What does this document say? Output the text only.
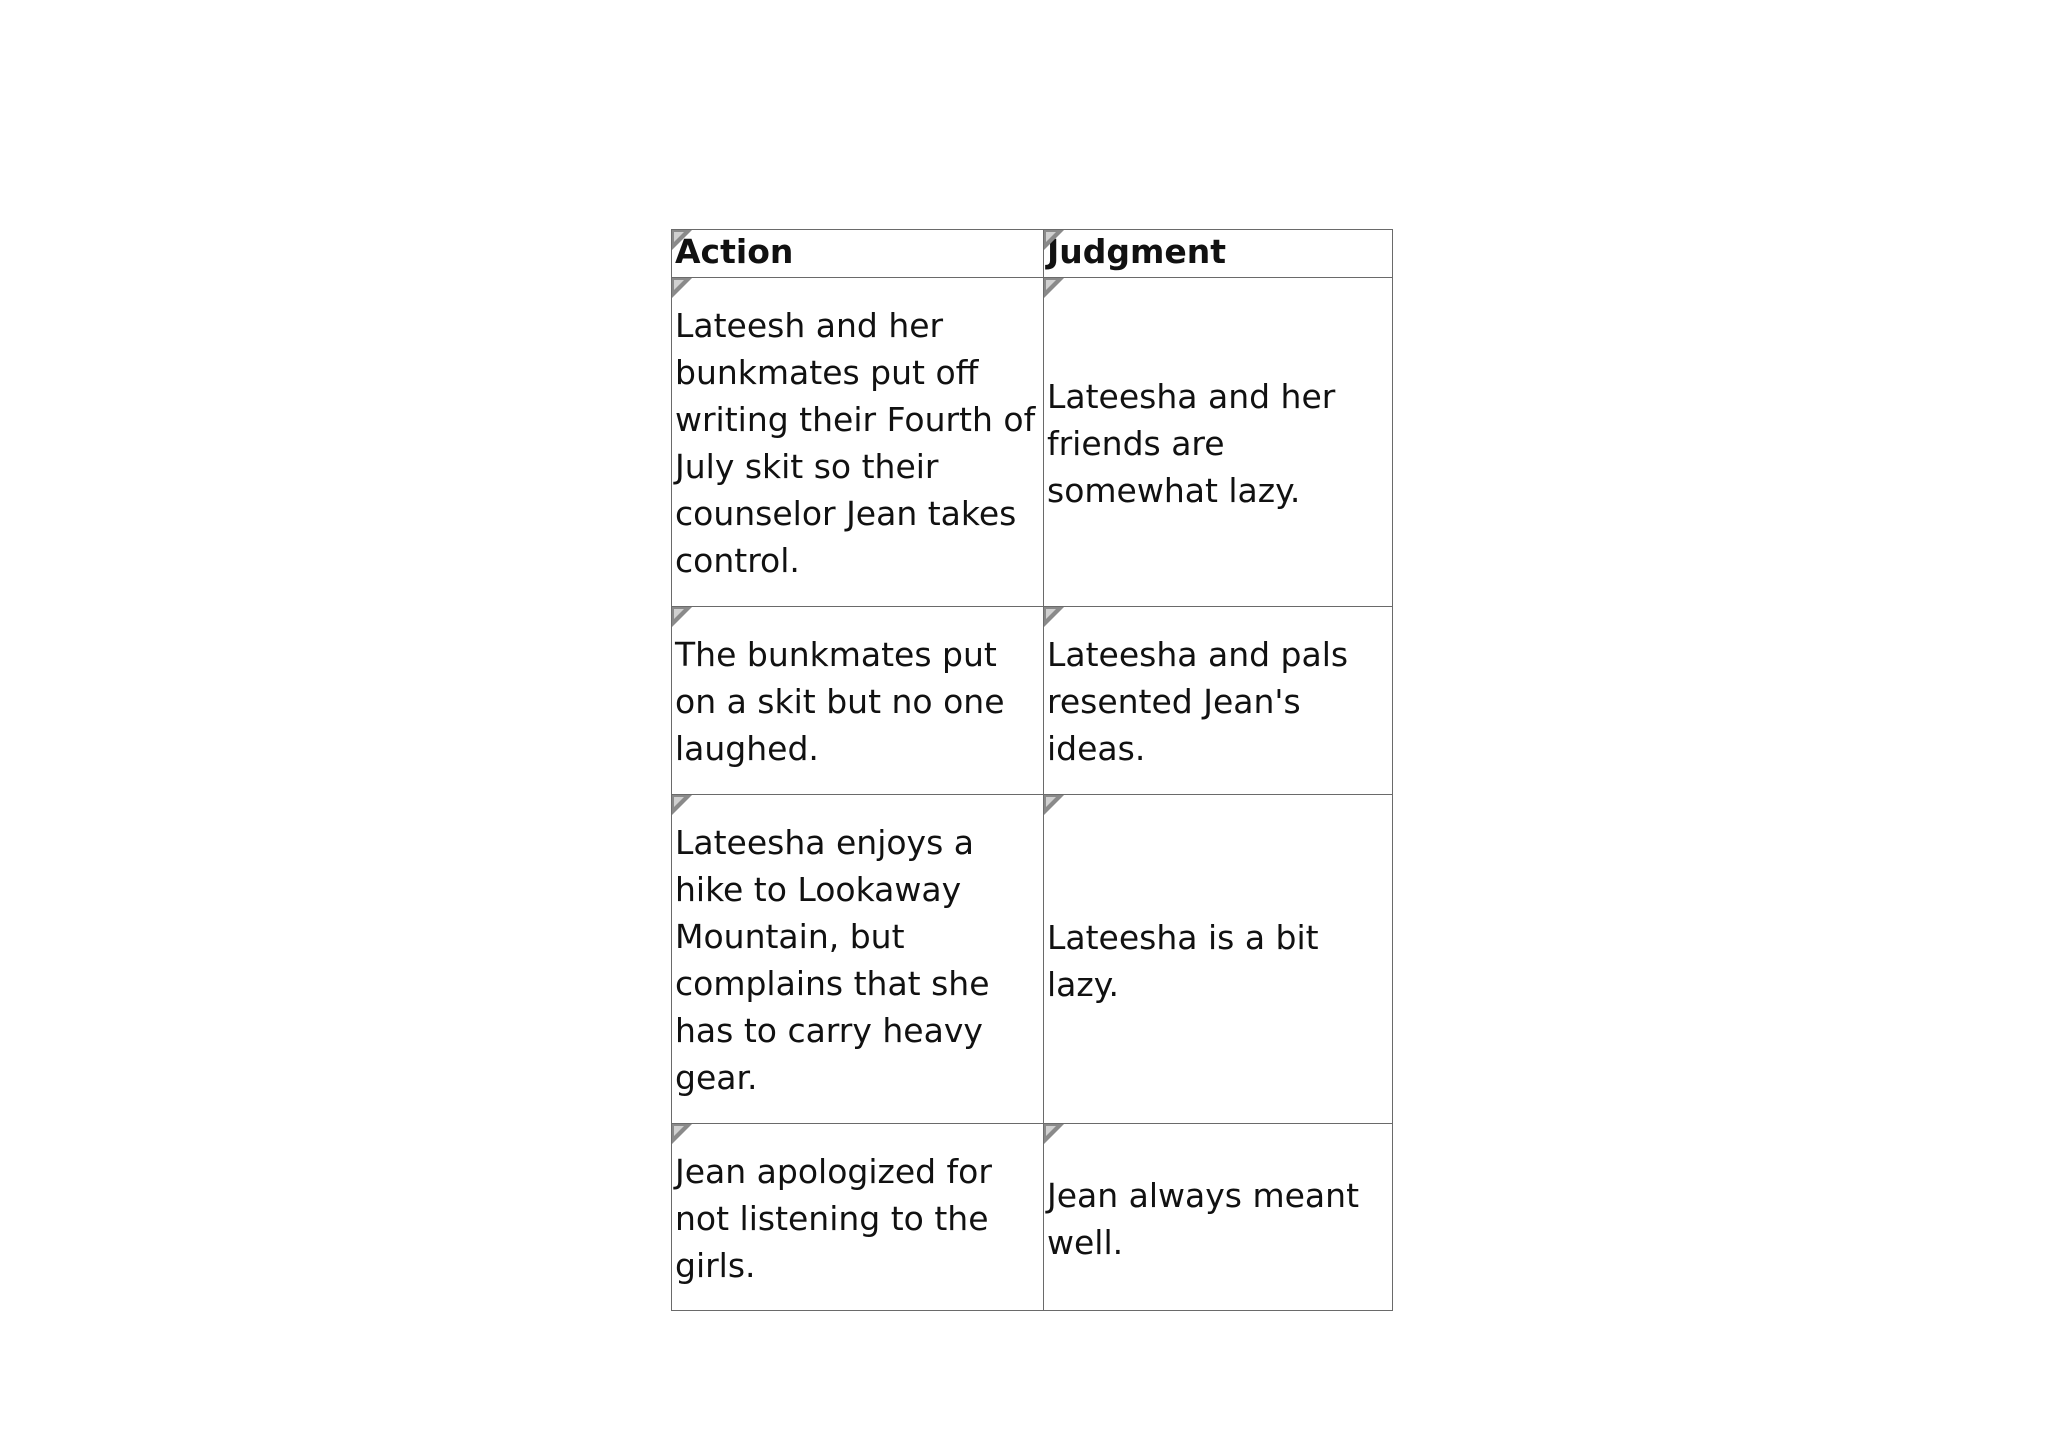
Action	Judgment

Lateesh and her bunkmates put off writing their Fourth of July skit so their counselor Jean takes control.	Lateesha and her friends are somewhat lazy.

The bunkmates put on a skit but no one laughed.	Lateesha and pals resented Jean's ideas.

Lateesha enjoys a hike to Lookaway Mountain, but complains that she has to carry heavy gear.	Lateesha is a bit lazy.

Jean apologized for not listening to the girls.	Jean always meant well.
